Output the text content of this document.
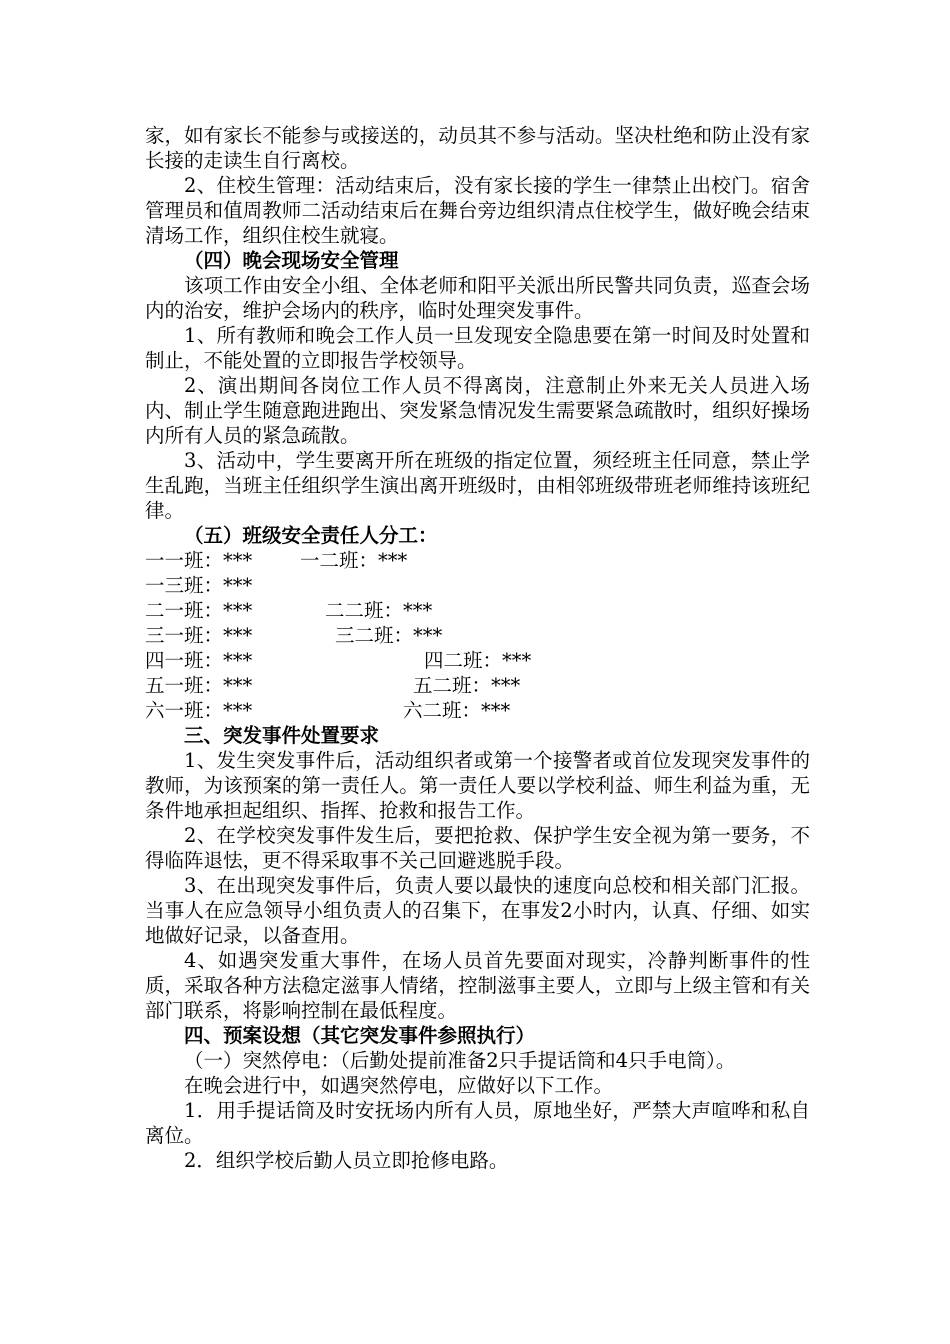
家，如有家长不能参与或接送的，动员其不参与活动。坚决杜绝和防止没有家长接的走读生自行离校。

2、住校生管理：活动结束后，没有家长接的学生一律禁止出校门。宿舍管理员和值周教师二活动结束后在舞台旁边组织清点住校学生，做好晚会结束清场工作，组织住校生就寝。

（四）晚会现场安全管理

该项工作由安全小组、全体老师和阳平关派出所民警共同负责，巡查会场内的治安，维护会场内的秩序，临时处理突发事件。

1、所有教师和晚会工作人员一旦发现安全隐患要在第一时间及时处置和制止，不能处置的立即报告学校领导。

2、演出期间各岗位工作人员不得离岗，注意制止外来无关人员进入场内、制止学生随意跑进跑出、突发紧急情况发生需要紧急疏散时，组织好操场内所有人员的紧急疏散。

3、活动中，学生要离开所在班级的指定位置，须经班主任同意，禁止学生乱跑，当班主任组织学生演出离开班级时，由相邻班级带班老师维持该班纪律。

（五）班级安全责任人分工：

一一班：*** 一二班：***

一三班：***

二一班：***	二二班：***

三一班：***	三二班：***

四一班：***	四二班：***

五一班：***	五二班：***

六一班：***	六二班：***

三、突发事件处置要求

1、发生突发事件后，活动组织者或第一个接警者或首位发现突发事件的教师，为该预案的第一责任人。第一责任人要以学校利益、师生利益为重，无条件地承担起组织、指挥、抢救和报告工作。

2、在学校突发事件发生后，要把抢救、保护学生安全视为第一要务，不得临阵退怯，更不得采取事不关己回避逃脱手段。

3、在出现突发事件后，负责人要以最快的速度向总校和相关部门汇报。当事人在应急领导小组负责人的召集下，在事发2小时内，认真、仔细、如实地做好记录，以备查用。

4、如遇突发重大事件，在场人员首先要面对现实，冷静判断事件的性质，采取各种方法稳定滋事人情绪，控制滋事主要人，立即与上级主管和有关部门联系，将影响控制在最低程度。

四、预案设想（其它突发事件参照执行）

（一）突然停电：（后勤处提前准备2只手提话筒和4只手电筒）。

在晚会进行中，如遇突然停电，应做好以下工作。

1．用手提话筒及时安抚场内所有人员，原地坐好，严禁大声喧哗和私自离位。

2．组织学校后勤人员立即抢修电路。
